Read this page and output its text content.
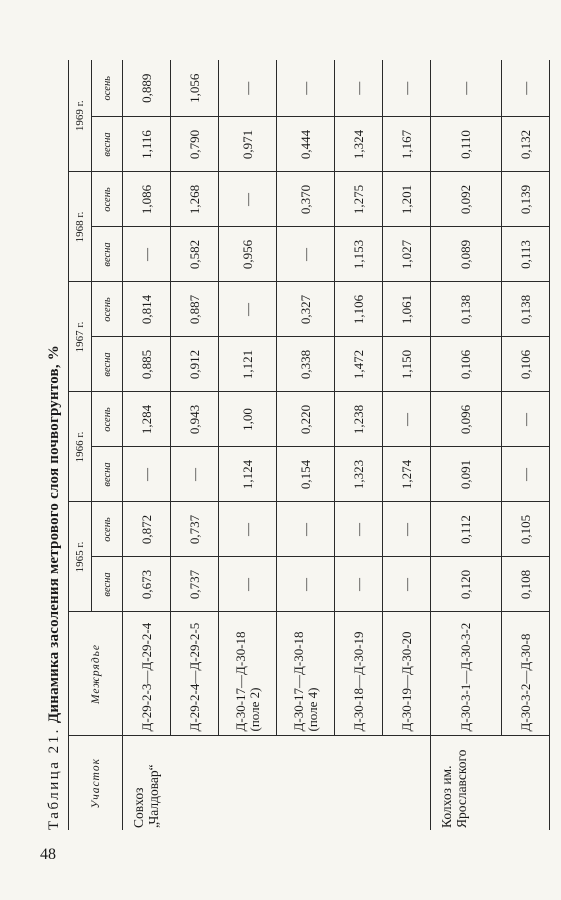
48
Таблица 21. Динамика засоления метрового слоя почвогрунтов, %
Участок	Межрядье	1965 г.		1966 г.		1967 г.		1968 г.		1969 г.	
		весна	осень	весна	осень	весна	осень	весна	осень	весна	осень
Совхоз „Чалдовар“	Д-29-2-3—Д-29-2-4	0,673	0,872	—	1,284	0,885	0,814	—	1,086	1,116	0,889
	Д-29-2-4—Д-29-2-5	0,737	0,737	—	0,943	0,912	0,887	0,582	1,268	0,790	1,056
	Д-30-17—Д-30-18 (поле 2)	—	—	1,124	1,00	1,121	—	0,956	—	0,971	—
	Д-30-17—Д-30-18 (поле 4)	—	—	0,154	0,220	0,338	0,327	—	0,370	0,444	—
	Д-30-18—Д-30-19	—	—	1,323	1,238	1,472	1,106	1,153	1,275	1,324	—
	Д-30-19—Д-30-20	—	—	1,274	—	1,150	1,061	1,027	1,201	1,167	—
Колхоз им. Ярославского	Д-30-3-1—Д-30-3-2	0,120	0,112	0,091	0,096	0,106	0,138	0,089	0,092	0,110	—
	Д-30-3-2—Д-30-8	0,108	0,105	—	—	0,106	0,138	0,113	0,139	0,132	—
